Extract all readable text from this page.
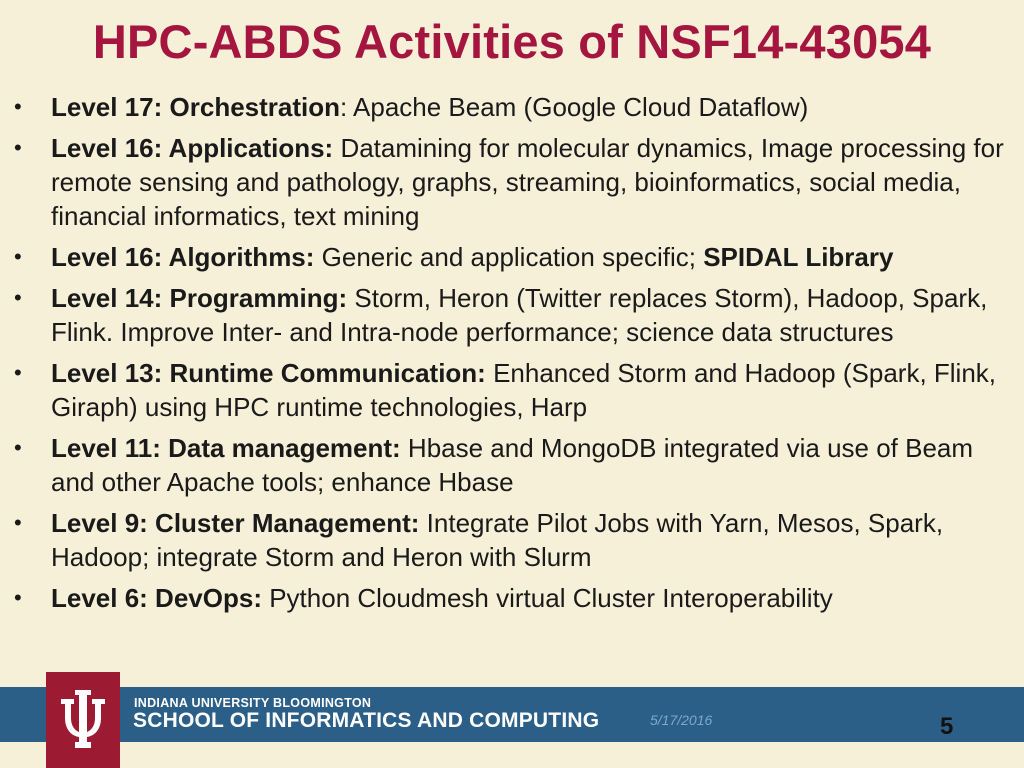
HPC-ABDS Activities of NSF14-43054
• Level 17: Orchestration: Apache Beam (Google Cloud Dataflow)
• Level 16: Applications: Datamining for molecular dynamics, Image processing for remote sensing and pathology, graphs, streaming, bioinformatics, social media, financial informatics, text mining
• Level 16: Algorithms: Generic and application specific; SPIDAL Library
• Level 14: Programming: Storm, Heron (Twitter replaces Storm), Hadoop, Spark, Flink. Improve Inter- and Intra-node performance; science data structures
• Level 13: Runtime Communication: Enhanced Storm and Hadoop (Spark, Flink, Giraph) using HPC runtime technologies, Harp
• Level 11: Data management: Hbase and MongoDB integrated via use of Beam and other Apache tools; enhance Hbase
• Level 9: Cluster Management: Integrate Pilot Jobs with Yarn, Mesos, Spark, Hadoop; integrate Storm and Heron with Slurm
• Level 6: DevOps: Python Cloudmesh virtual Cluster Interoperability
INDIANA UNIVERSITY BLOOMINGTON
SCHOOL OF INFORMATICS AND COMPUTING	5/17/2016	5
